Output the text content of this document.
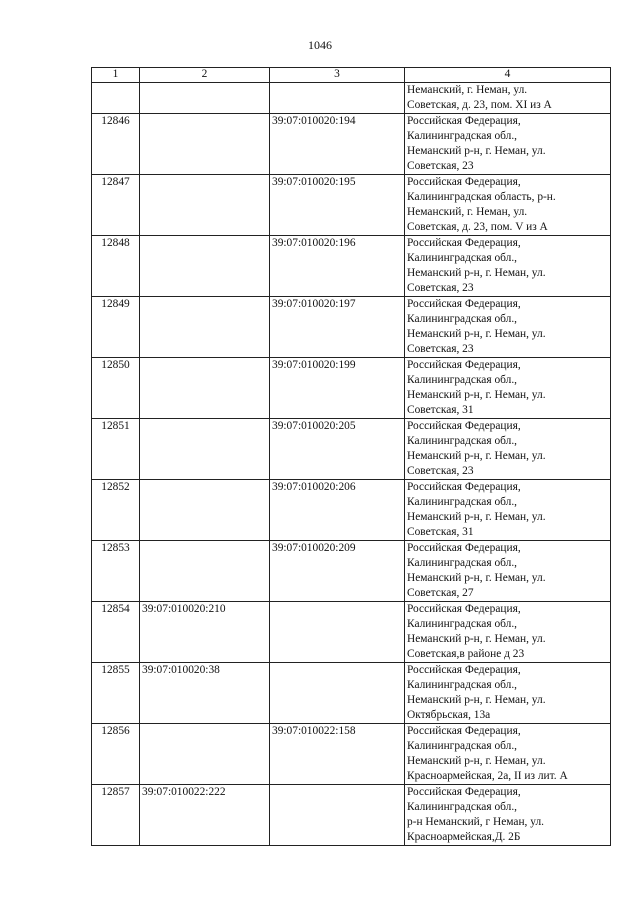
1046
1	2	3	4

			Неманский, г. Неман, ул.
Советская, д. 23, пом. XI из А

12846		39:07:010020:194	Российская Федерация,
Калининградская обл.,
Неманский р-н, г. Неман, ул.
Советская, 23

12847		39:07:010020:195	Российская Федерация,
Калининградская область, р-н.
Неманский, г. Неман, ул.
Советская, д. 23, пом. V из А

12848		39:07:010020:196	Российская Федерация,
Калининградская обл.,
Неманский р-н, г. Неман, ул.
Советская, 23

12849		39:07:010020:197	Российская Федерация,
Калининградская обл.,
Неманский р-н, г. Неман, ул.
Советская, 23

12850		39:07:010020:199	Российская Федерация,
Калининградская обл.,
Неманский р-н, г. Неман, ул.
Советская, 31

12851		39:07:010020:205	Российская Федерация,
Калининградская обл.,
Неманский р-н, г. Неман, ул.
Советская, 23

12852		39:07:010020:206	Российская Федерация,
Калининградская обл.,
Неманский р-н, г. Неман, ул.
Советская, 31

12853		39:07:010020:209	Российская Федерация,
Калининградская обл.,
Неманский р-н, г. Неман, ул.
Советская, 27

12854	39:07:010020:210		Российская Федерация,
Калининградская обл.,
Неманский р-н, г. Неман, ул.
Советская,в районе д 23

12855	39:07:010020:38		Российская Федерация,
Калининградская обл.,
Неманский р-н, г. Неман, ул.
Октябрьская, 13а

12856		39:07:010022:158	Российская Федерация,
Калининградская обл.,
Неманский р-н, г. Неман, ул.
Красноармейская, 2а, II из лит. А

12857	39:07:010022:222		Российская Федерация,
Калининградская обл.,
р-н Неманский, г Неман, ул.
Красноармейская,Д. 2Б
